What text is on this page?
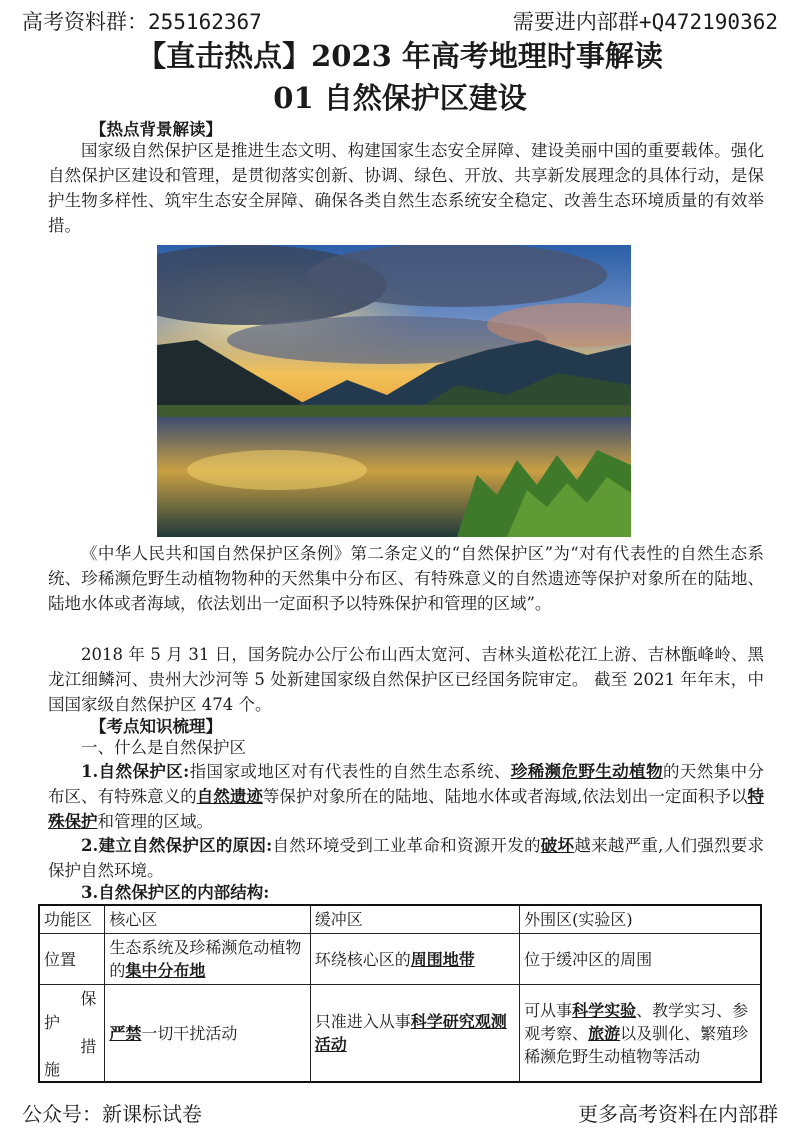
高考资料群：255162367	需要进内部群+Q472190362
【直击热点】2023 年高考地理时事解读
01 自然保护区建设
【热点背景解读】

国家级自然保护区是推进生态文明、构建国家生态安全屏障、建设美丽中国的重要载体。强化自然保护区建设和管理，是贯彻落实创新、协调、绿色、开放、共享新发展理念的具体行动，是保护生物多样性、筑牢生态安全屏障、确保各类自然生态系统安全稳定、改善生态环境质量的有效举措。

《中华人民共和国自然保护区条例》第二条定义的“自然保护区”为“对有代表性的自然生态系统、珍稀濒危野生动植物物种的天然集中分布区、有特殊意义的自然遗迹等保护对象所在的陆地、陆地水体或者海域，依法划出一定面积予以特殊保护和管理的区域”。

2018 年 5 月 31 日，国务院办公厅公布山西太宽河、吉林头道松花江上游、吉林甑峰岭、黑龙江细鳞河、贵州大沙河等 5 处新建国家级自然保护区已经国务院审定。 截至 2021 年年末，中国国家级自然保护区 474 个。

【考点知识梳理】
一、什么是自然保护区

1.自然保护区:指国家或地区对有代表性的自然生态系统、珍稀濒危野生动植物的天然集中分布区、有特殊意义的自然遗迹等保护对象所在的陆地、陆地水体或者海域,依法划出一定面积予以特殊保护和管理的区域。

2.建立自然保护区的原因:自然环境受到工业革命和资源开发的破坏越来越严重,人们强烈要求保护自然环境。

3.自然保护区的内部结构:

功能区	核心区	缓冲区	外围区(实验区)
位置	生态系统及珍稀濒危动植物的集中分布地	环绕核心区的周围地带	位于缓冲区的周围

保
护
措
施	严禁一切干扰活动	只准进入从事科学研究观测活动	可从事科学实验、教学实习、参观考察、旅游以及驯化、繁殖珍稀濒危野生动植物等活动
公众号：新课标试卷	更多高考资料在内部群
